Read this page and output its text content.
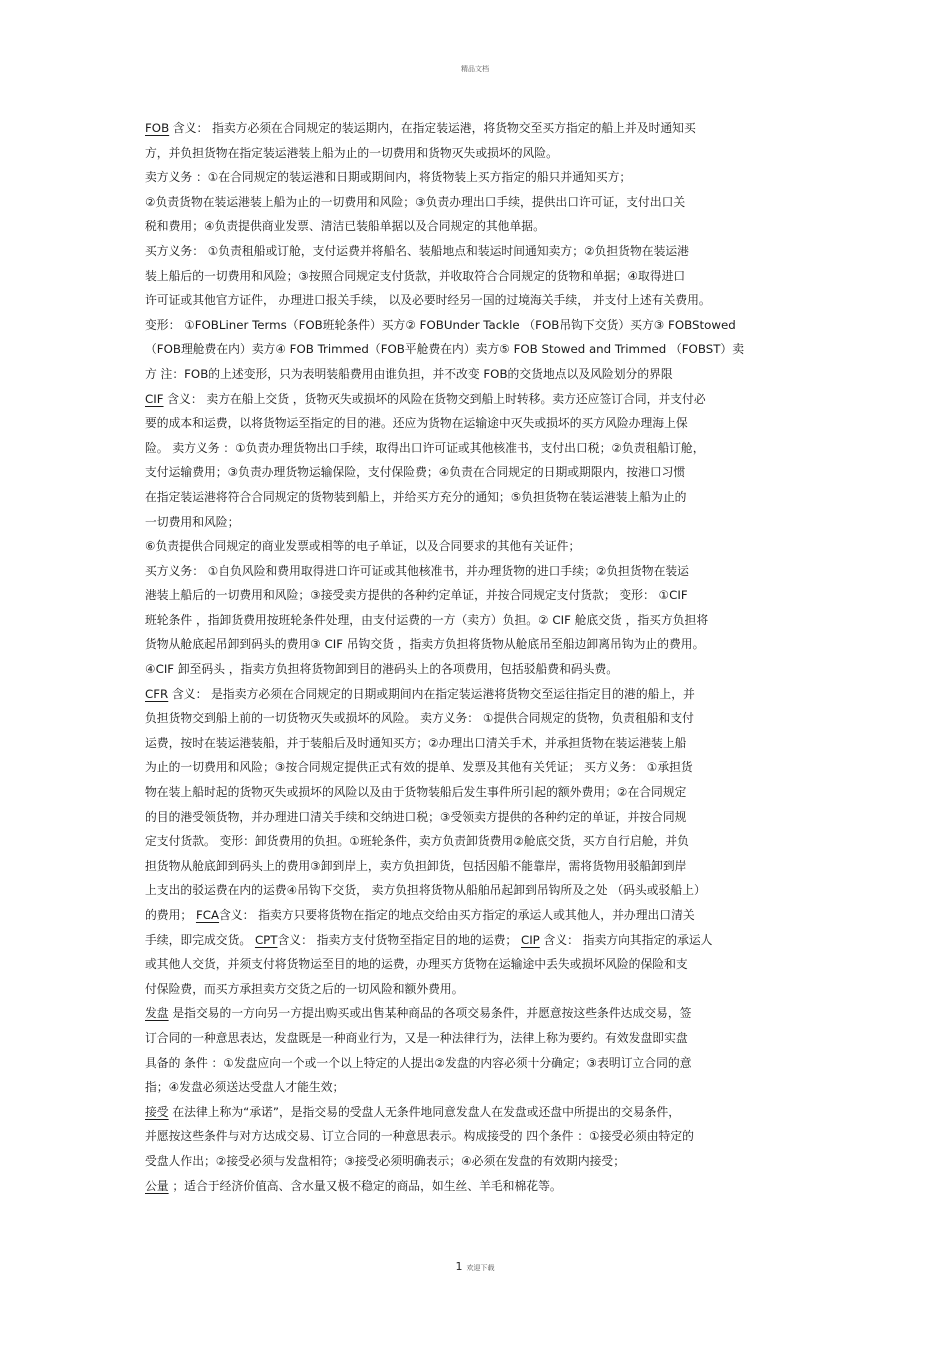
精品文档
FOB 含义： 指卖方必须在合同规定的装运期内，在指定装运港，将货物交至买方指定的船上并及时通知买
方，并负担货物在指定装运港装上船为止的一切费用和货物灭失或损坏的风险。
卖方义务 ：①在合同规定的装运港和日期或期间内，将货物装上买方指定的船只并通知买方；
②负责货物在装运港装上船为止的一切费用和风险；③负责办理出口手续，提供出口许可证，支付出口关
税和费用；④负责提供商业发票、清洁已装船单据以及合同规定的其他单据。
买方义务： ①负责租船或订舱，支付运费并将船名、装船地点和装运时间通知卖方；②负担货物在装运港
装上船后的一切费用和风险；③按照合同规定支付货款，并收取符合合同规定的货物和单据；④取得进口
许可证或其他官方证件， 办理进口报关手续， 以及必要时经另一国的过境海关手续， 并支付上述有关费用。
变形： ①FOBLiner Terms（FOB班轮条件）买方② FOBUnder Tackle （FOB吊钩下交货）买方③ FOBStowed
（FOB理舱费在内）卖方④ FOB Trimmed（FOB平舱费在内）卖方⑤ FOB Stowed and Trimmed （FOBST）卖
方 注：FOB的上述变形，只为表明装船费用由谁负担，并不改变 FOB的交货地点以及风险划分的界限
CIF 含义： 卖方在船上交货 ，货物灭失或损坏的风险在货物交到船上时转移。卖方还应签订合同，并支付必
要的成本和运费，以将货物运至指定的目的港。还应为货物在运输途中灭失或损坏的买方风险办理海上保
险。 卖方义务 ：①负责办理货物出口手续，取得出口许可证或其他核准书，支付出口税；②负责租船订舱，
支付运输费用；③负责办理货物运输保险，支付保险费；④负责在合同规定的日期或期限内，按港口习惯
在指定装运港将符合合同规定的货物装到船上，并给买方充分的通知；⑤负担货物在装运港装上船为止的
一切费用和风险；
⑥负责提供合同规定的商业发票或相等的电子单证，以及合同要求的其他有关证件；
买方义务： ①自负风险和费用取得进口许可证或其他核准书，并办理货物的进口手续；②负担货物在装运
港装上船后的一切费用和风险；③接受卖方提供的各种约定单证，并按合同规定支付货款； 变形： ①CIF
班轮条件 ，指卸货费用按班轮条件处理，由支付运费的一方（卖方）负担。② CIF 舱底交货 ，指买方负担将
货物从舱底起吊卸到码头的费用③ CIF 吊钩交货 ，指卖方负担将货物从舱底吊至船边卸离吊钩为止的费用。
④CIF 卸至码头 ，指卖方负担将货物卸到目的港码头上的各项费用，包括驳船费和码头费。
CFR 含义： 是指卖方必须在合同规定的日期或期间内在指定装运港将货物交至运往指定目的港的船上，并
负担货物交到船上前的一切货物灭失或损坏的风险。 卖方义务： ①提供合同规定的货物，负责租船和支付
运费，按时在装运港装船，并于装船后及时通知买方；②办理出口清关手术，并承担货物在装运港装上船
为止的一切费用和风险；③按合同规定提供正式有效的提单、发票及其他有关凭证； 买方义务： ①承担货
物在装上船时起的货物灭失或损坏的风险以及由于货物装船后发生事件所引起的额外费用；②在合同规定
的目的港受领货物，并办理进口清关手续和交纳进口税；③受领卖方提供的各种约定的单证，并按合同规
定支付货款。 变形：卸货费用的负担。①班轮条件，卖方负责卸货费用②舱底交货，买方自行启舱，并负
担货物从舱底卸到码头上的费用③卸到岸上，卖方负担卸货，包括因船不能靠岸，需将货物用驳船卸到岸
上支出的驳运费在内的运费④吊钩下交货， 卖方负担将货物从船舶吊起卸到吊钩所及之处 （码头或驳船上）
的费用； FCA含义： 指卖方只要将货物在指定的地点交给由买方指定的承运人或其他人，并办理出口清关
手续，即完成交货。 CPT含义： 指卖方支付货物至指定目的地的运费； CIP 含义： 指卖方向其指定的承运人
或其他人交货，并须支付将货物运至目的地的运费，办理买方货物在运输途中丢失或损坏风险的保险和支
付保险费，而买方承担卖方交货之后的一切风险和额外费用。
发盘 是指交易的一方向另一方提出购买或出售某种商品的各项交易条件，并愿意按这些条件达成交易，签
订合同的一种意思表达，发盘既是一种商业行为，又是一种法律行为，法律上称为要约。有效发盘即实盘
具备的 条件 ：①发盘应向一个或一个以上特定的人提出②发盘的内容必须十分确定；③表明订立合同的意
指；④发盘必须送达受盘人才能生效；
接受 在法律上称为“承诺”，是指交易的受盘人无条件地同意发盘人在发盘或还盘中所提出的交易条件，
并愿按这些条件与对方达成交易、订立合同的一种意思表示。构成接受的 四个条件 ：①接受必须由特定的
受盘人作出；②接受必须与发盘相符；③接受必须明确表示；④必须在发盘的有效期内接受；
公量 ；适合于经济价值高、含水量又极不稳定的商品，如生丝、羊毛和棉花等。
1 欢迎下载
